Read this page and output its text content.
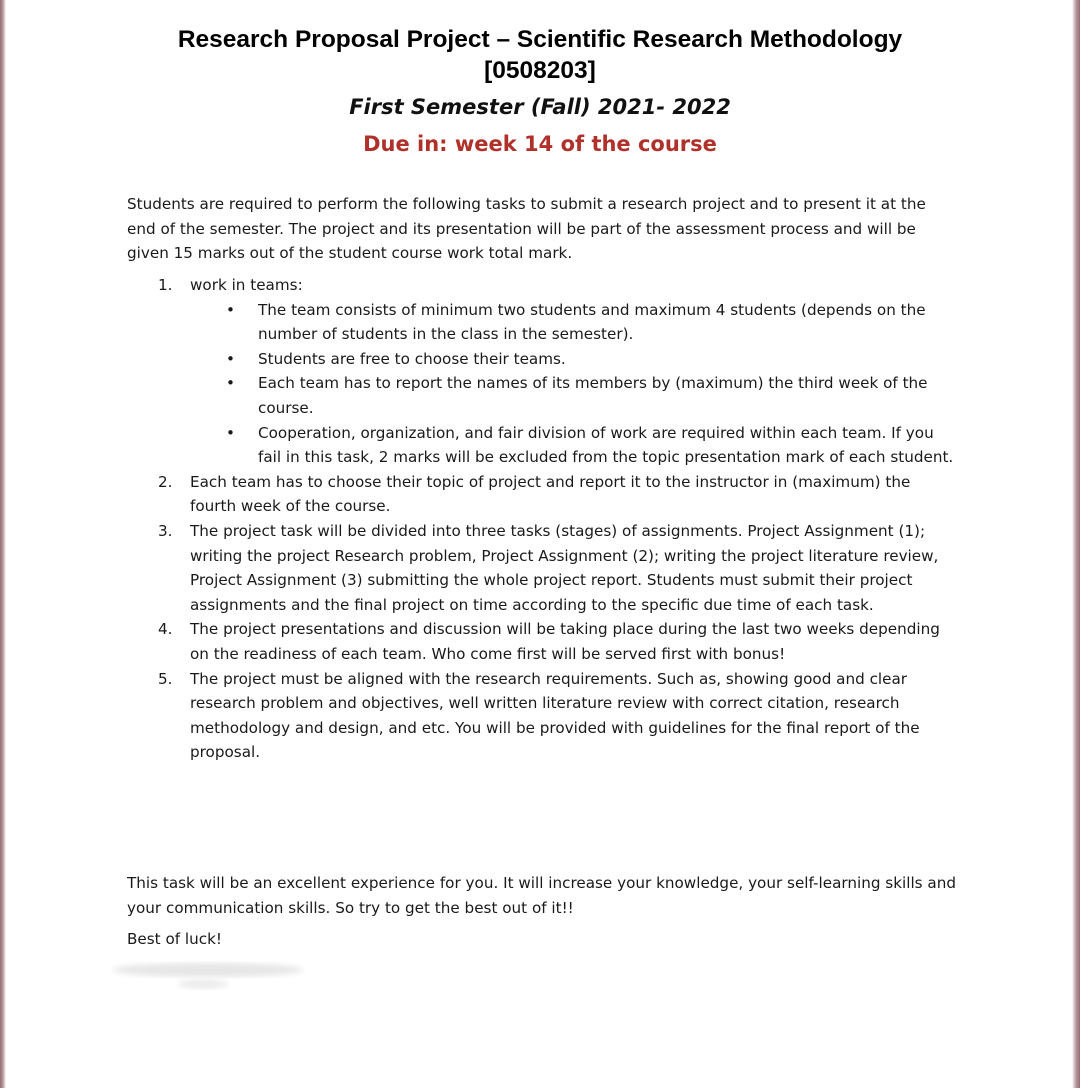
Research Proposal Project – Scientific Research Methodology
[0508203]
First Semester (Fall) 2021- 2022
Due in: week 14 of the course
Students are required to perform the following tasks to submit a research project and to present it at the end of the semester. The project and its presentation will be part of the assessment process and will be given 15 marks out of the student course work total mark.
1. work in teams:
• The team consists of minimum two students and maximum 4 students (depends on the number of students in the class in the semester).
• Students are free to choose their teams.
• Each team has to report the names of its members by (maximum) the third week of the course.
• Cooperation, organization, and fair division of work are required within each team. If you fail in this task, 2 marks will be excluded from the topic presentation mark of each student.
2. Each team has to choose their topic of project and report it to the instructor in (maximum) the fourth week of the course.
3. The project task will be divided into three tasks (stages) of assignments. Project Assignment (1); writing the project Research problem, Project Assignment (2); writing the project literature review, Project Assignment (3) submitting the whole project report. Students must submit their project assignments and the final project on time according to the specific due time of each task.
4. The project presentations and discussion will be taking place during the last two weeks depending on the readiness of each team. Who come first will be served first with bonus!
5. The project must be aligned with the research requirements. Such as, showing good and clear research problem and objectives, well written literature review with correct citation, research methodology and design, and etc. You will be provided with guidelines for the final report of the proposal.
This task will be an excellent experience for you. It will increase your knowledge, your self-learning skills and your communication skills. So try to get the best out of it!!
Best of luck!
